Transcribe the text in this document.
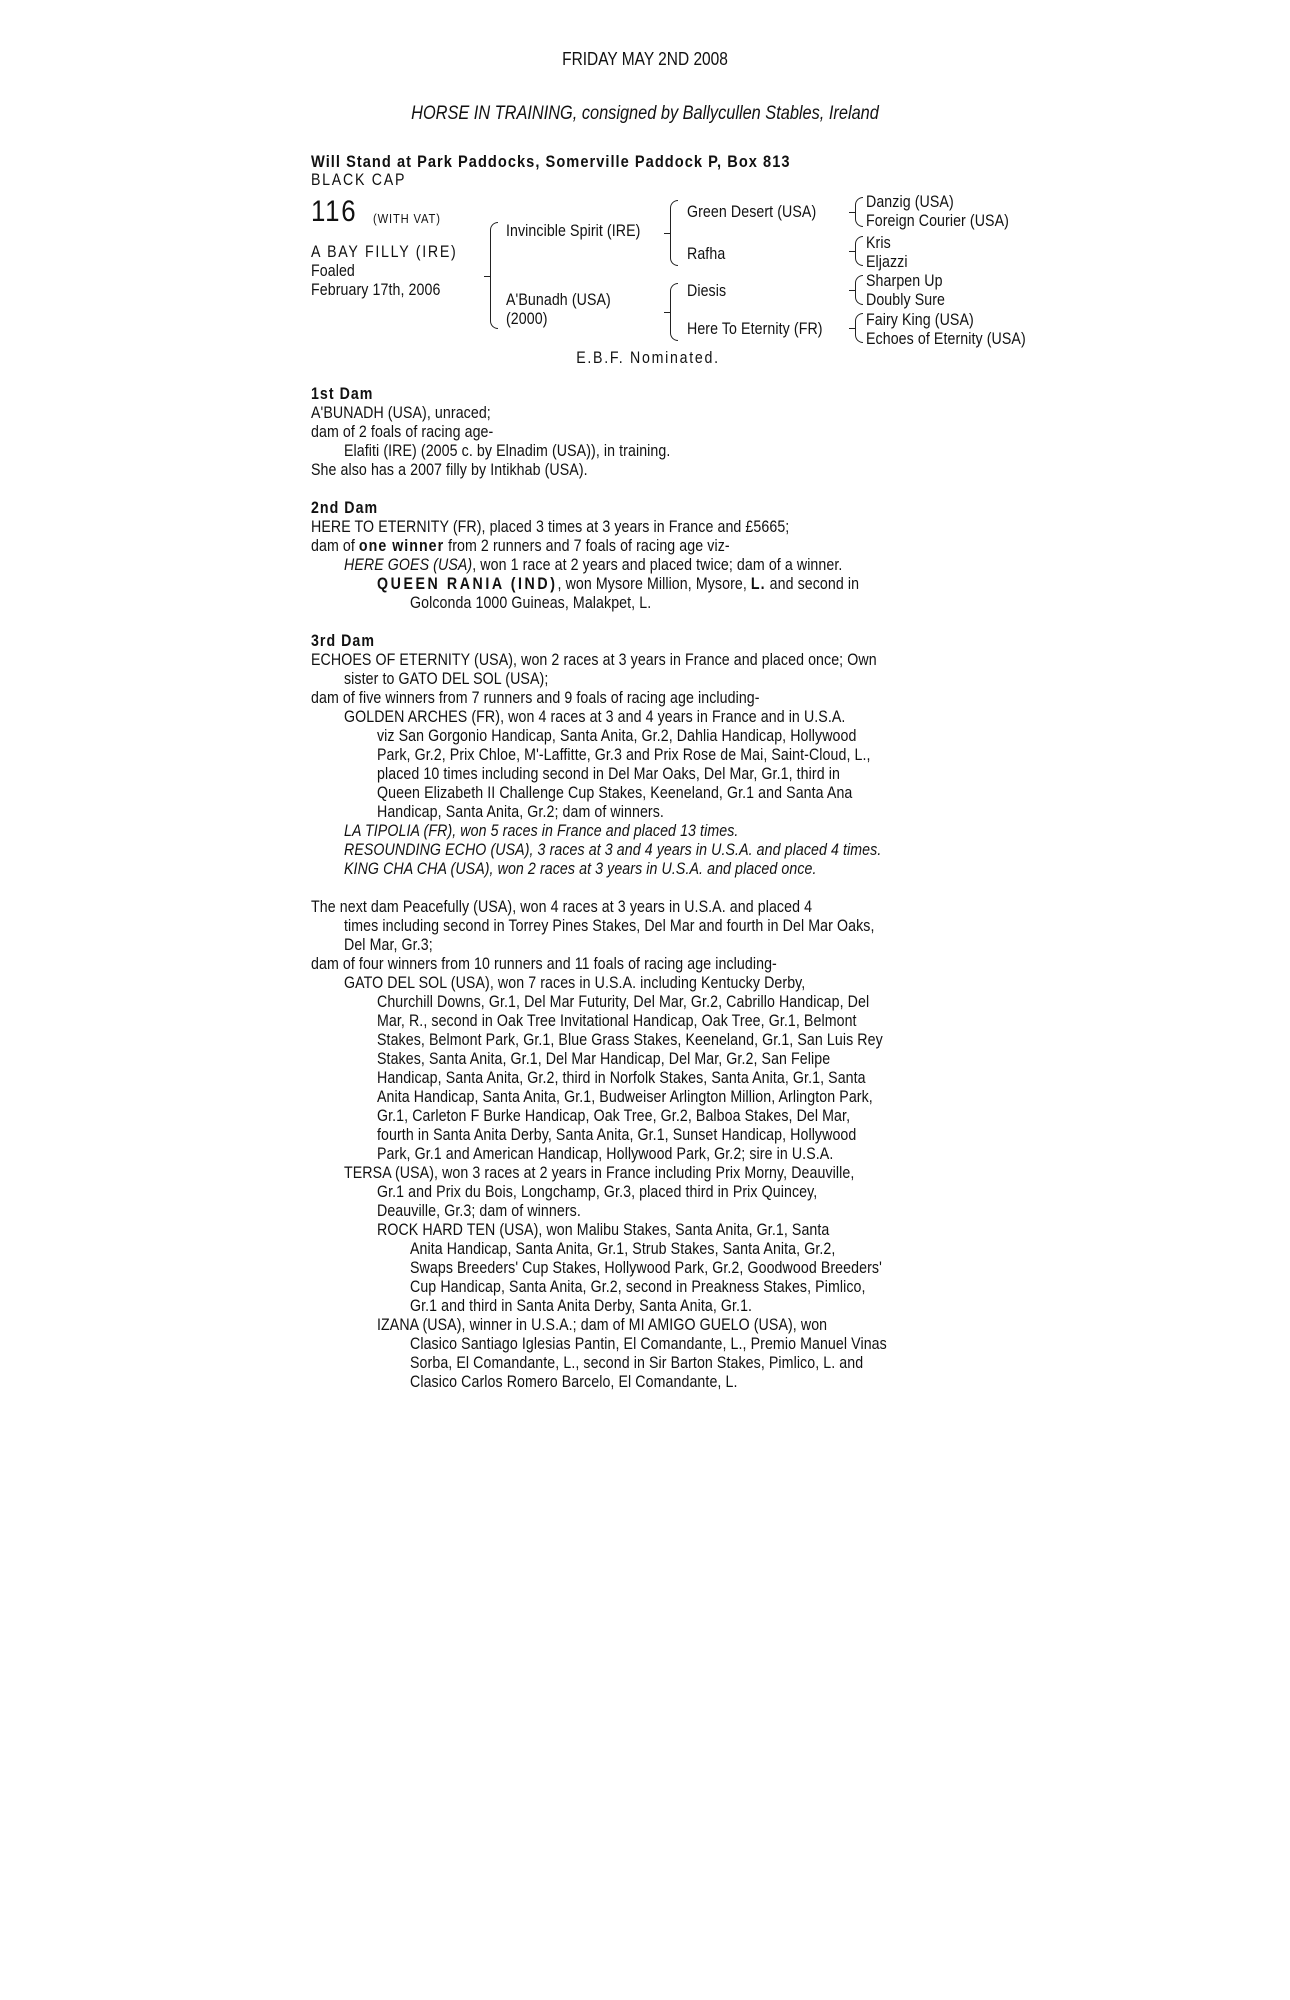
FRIDAY MAY 2ND 2008
HORSE IN TRAINING, consigned by Ballycullen Stables, Ireland
Will Stand at Park Paddocks, Somerville Paddock P, Box 813
BLACK CAP
116 (WITH VAT)
A BAY FILLY (IRE)
Foaled
February 17th, 2006
Invincible Spirit (IRE)
A'Bunadh (USA)
(2000)
Green Desert (USA)
Rafha
Diesis
Here To Eternity (FR)
Danzig (USA)
Foreign Courier (USA)
Kris
Eljazzi
Sharpen Up
Doubly Sure
Fairy King (USA)
Echoes of Eternity (USA)
E.B.F. Nominated.
1st Dam
A'BUNADH (USA), unraced;
dam of 2 foals of racing age-
Elafiti (IRE) (2005 c. by Elnadim (USA)), in training.
She also has a 2007 filly by Intikhab (USA).
2nd Dam
HERE TO ETERNITY (FR), placed 3 times at 3 years in France and £5665;
dam of one winner from 2 runners and 7 foals of racing age viz-
HERE GOES (USA), won 1 race at 2 years and placed twice; dam of a winner.
QUEEN RANIA (IND), won Mysore Million, Mysore, L. and second in
Golconda 1000 Guineas, Malakpet, L.
3rd Dam
ECHOES OF ETERNITY (USA), won 2 races at 3 years in France and placed once; Own
sister to GATO DEL SOL (USA);
dam of five winners from 7 runners and 9 foals of racing age including-
GOLDEN ARCHES (FR), won 4 races at 3 and 4 years in France and in U.S.A.
viz San Gorgonio Handicap, Santa Anita, Gr.2, Dahlia Handicap, Hollywood
Park, Gr.2, Prix Chloe, M'-Laffitte, Gr.3 and Prix Rose de Mai, Saint-Cloud, L.,
placed 10 times including second in Del Mar Oaks, Del Mar, Gr.1, third in
Queen Elizabeth II Challenge Cup Stakes, Keeneland, Gr.1 and Santa Ana
Handicap, Santa Anita, Gr.2; dam of winners.
LA TIPOLIA (FR), won 5 races in France and placed 13 times.
RESOUNDING ECHO (USA), 3 races at 3 and 4 years in U.S.A. and placed 4 times.
KING CHA CHA (USA), won 2 races at 3 years in U.S.A. and placed once.
The next dam Peacefully (USA), won 4 races at 3 years in U.S.A. and placed 4
times including second in Torrey Pines Stakes, Del Mar and fourth in Del Mar Oaks,
Del Mar, Gr.3;
dam of four winners from 10 runners and 11 foals of racing age including-
GATO DEL SOL (USA), won 7 races in U.S.A. including Kentucky Derby,
Churchill Downs, Gr.1, Del Mar Futurity, Del Mar, Gr.2, Cabrillo Handicap, Del
Mar, R., second in Oak Tree Invitational Handicap, Oak Tree, Gr.1, Belmont
Stakes, Belmont Park, Gr.1, Blue Grass Stakes, Keeneland, Gr.1, San Luis Rey
Stakes, Santa Anita, Gr.1, Del Mar Handicap, Del Mar, Gr.2, San Felipe
Handicap, Santa Anita, Gr.2, third in Norfolk Stakes, Santa Anita, Gr.1, Santa
Anita Handicap, Santa Anita, Gr.1, Budweiser Arlington Million, Arlington Park,
Gr.1, Carleton F Burke Handicap, Oak Tree, Gr.2, Balboa Stakes, Del Mar,
fourth in Santa Anita Derby, Santa Anita, Gr.1, Sunset Handicap, Hollywood
Park, Gr.1 and American Handicap, Hollywood Park, Gr.2; sire in U.S.A.
TERSA (USA), won 3 races at 2 years in France including Prix Morny, Deauville,
Gr.1 and Prix du Bois, Longchamp, Gr.3, placed third in Prix Quincey,
Deauville, Gr.3; dam of winners.
ROCK HARD TEN (USA), won Malibu Stakes, Santa Anita, Gr.1, Santa
Anita Handicap, Santa Anita, Gr.1, Strub Stakes, Santa Anita, Gr.2,
Swaps Breeders' Cup Stakes, Hollywood Park, Gr.2, Goodwood Breeders'
Cup Handicap, Santa Anita, Gr.2, second in Preakness Stakes, Pimlico,
Gr.1 and third in Santa Anita Derby, Santa Anita, Gr.1.
IZANA (USA), winner in U.S.A.; dam of MI AMIGO GUELO (USA), won
Clasico Santiago Iglesias Pantin, El Comandante, L., Premio Manuel Vinas
Sorba, El Comandante, L., second in Sir Barton Stakes, Pimlico, L. and
Clasico Carlos Romero Barcelo, El Comandante, L.
